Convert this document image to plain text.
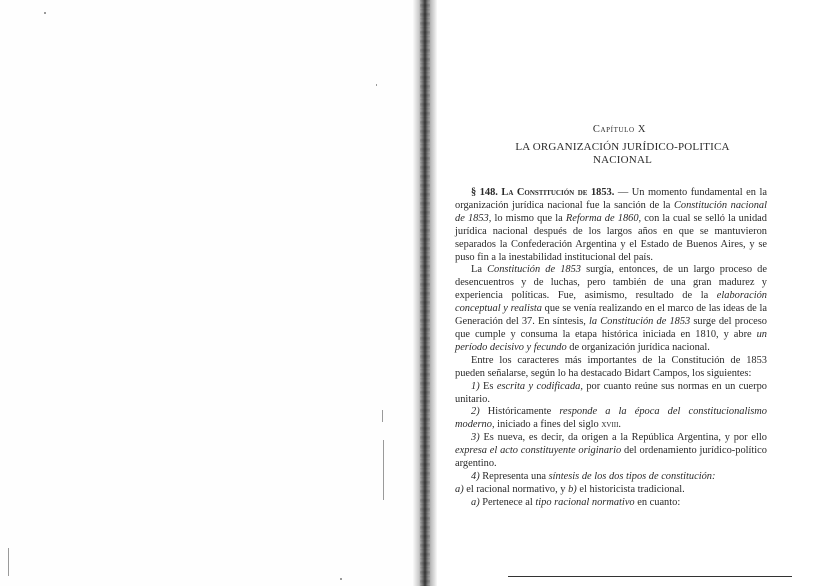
Capítulo X
LA ORGANIZACIÓN JURÍDICO-POLITICA
NACIONAL

§ 148. La Constitución de 1853. — Un momento fundamental en la organización jurídica nacional fue la sanción de la Constitución nacional de 1853, lo mismo que la Reforma de 1860, con la cual se selló la unidad jurídica nacional después de los largos años en que se mantuvieron separados la Confederación Argentina y el Estado de Buenos Aires, y se puso fin a la inestabilidad institucional del país.

La Constitución de 1853 surgía, entonces, de un largo proceso de desencuentros y de luchas, pero también de una gran madurez y experiencia políticas. Fue, asimismo, resultado de la elaboración conceptual y realista que se venía realizando en el marco de las ideas de la Generación del 37. En síntesis, la Constitución de 1853 surge del proceso que cumple y consuma la etapa histórica iniciada en 1810, y abre un período decisivo y fecundo de organización jurídica nacional.

Entre los caracteres más importantes de la Constitución de 1853 pueden señalarse, según lo ha destacado Bidart Campos, los siguientes:

1) Es escrita y codificada, por cuanto reúne sus normas en un cuerpo unitario.

2) Históricamente responde a la época del constitucionalismo moderno, iniciado a fines del siglo xviii.

3) Es nueva, es decir, da origen a la República Argentina, y por ello expresa el acto constituyente originario del ordenamiento jurídico-político argentino.

4) Representa una síntesis de los dos tipos de constitución:
a) el racional normativo, y b) el historicista tradicional.

a) Pertenece al tipo racional normativo en cuanto:
